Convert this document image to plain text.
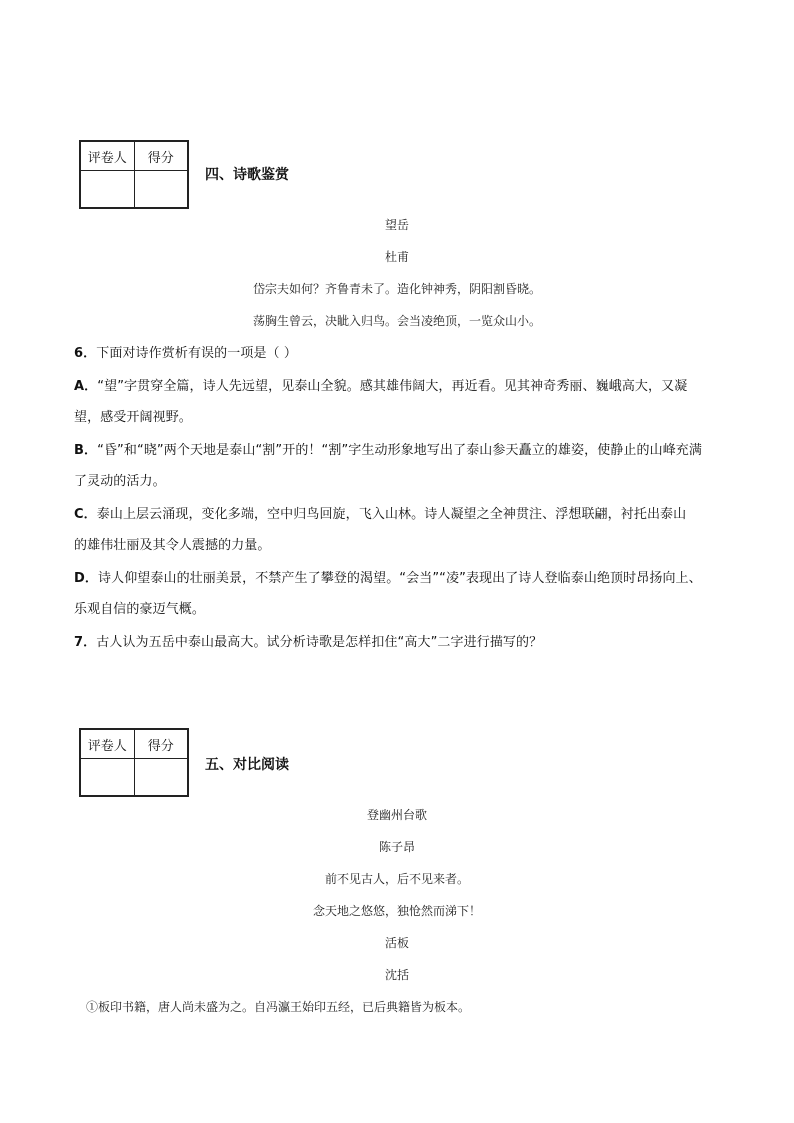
评卷人	得分

四、诗歌鉴赏
望岳
杜甫
岱宗夫如何？齐鲁青未了。造化钟神秀，阴阳割昏晓。
荡胸生曾云，决眦入归鸟。会当凌绝顶，一览众山小。
6．下面对诗作赏析有误的一项是（ ）
A．“望”字贯穿全篇，诗人先远望，见泰山全貌。感其雄伟阔大，再近看。见其神奇秀丽、巍峨高大，又凝
望，感受开阔视野。
B．“昏”和“晓”两个天地是泰山“割”开的！“割”字生动形象地写出了泰山参天矗立的雄姿，使静止的山峰充满
了灵动的活力。
C．泰山上层云涌现，变化多端，空中归鸟回旋，飞入山林。诗人凝望之全神贯注、浮想联翩，衬托出泰山
的雄伟壮丽及其令人震撼的力量。
D．诗人仰望泰山的壮丽美景，不禁产生了攀登的渴望。“会当”“凌”表现出了诗人登临泰山绝顶时昂扬向上、
乐观自信的豪迈气概。
7．古人认为五岳中泰山最高大。试分析诗歌是怎样扣住“高大”二字进行描写的？
评卷人	得分

五、对比阅读
登幽州台歌
陈子昂
前不见古人，后不见来者。
念天地之悠悠，独怆然而涕下！
活板
沈括
①板印书籍，唐人尚未盛为之。自冯瀛王始印五经，已后典籍皆为板本。
